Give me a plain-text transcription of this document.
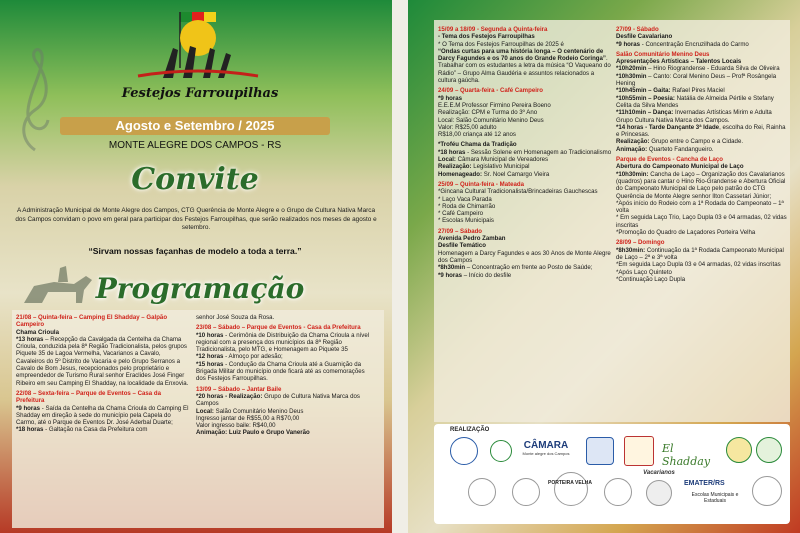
Festejos Farroupilhas
Agosto e Setembro / 2025
MONTE ALEGRE DOS CAMPOS - RS
Convite
A Administração Municipal de Monte Alegre dos Campos, CTG Querência de Monte Alegre e o Grupo de Cultura Nativa Marca dos Campos convidam o povo em geral para participar dos Festejos Farroupilhas, que serão realizados nos meses de agosto e setembro.
“Sirvam nossas façanhas de modelo a toda a terra.”
Programação
21/08 – Quinta-feira – Camping El Shadday – Galpão Campeiro
Chama Crioula
*13 horas – Recepção da Cavalgada da Centelha da Chama Crioula, conduzida pela 8ª Região Tradicionalista, pelos grupos Piquete 35 de Lagoa Vermelha, Vacarianos a Cavalo, Cavaleiros do 5º Distrito de Vacaria e pelo Grupo Serranos a Cavalo de Bom Jesus, recepcionados pelo proprietário e empreendedor de Turismo Rural senhor Eraclides José Finger Ribeiro em seu Camping El Shadday, na localidade da Enxovia.
22/08 – Sexta-feira – Parque de Eventos – Casa da Prefeitura
*9 horas - Saída da Centelha da Chama Crioula do Camping El Shadday em direção à sede do município pela Capela do Carmo, até o Parque de Eventos Dr. José Aderbal Duarte;
*18 horas - Galtação na Casa da Prefeitura com
senhor José Souza da Rosa.
23/08 – Sábado – Parque de Eventos - Casa da Prefeitura
*10 horas - Cerimônia de Distribuição da Chama Crioula a nível regional com a presença dos municípios da 8ª Região Tradicionalista, pelo MTG, e Homenagem ao Piquete 35
*12 horas - Almoço por adesão;
*15 horas - Condução da Chama Crioula até a Guarnição da Brigada Militar do município onde ficará até as comemorações dos Festejos Farroupilhas.
13/09 – Sábado – Jantar Baile
*20 horas - Realização: Grupo de Cultura Nativa Marca dos Campos
Local: Salão Comunitário Menino Deus
Ingresso jantar de R$55,00 a R$70,00
Valor ingresso baile: R$40,00
Animação: Luiz Paulo e Grupo Vanerão
15/09 a 18/09 - Segunda a Quinta-feira
- Tema dos Festejos Farroupilhas
* O Tema dos Festejos Farroupilhas de 2025 é
“Ondas curtas para uma história longa – O centenário de Darcy Fagundes e os 70 anos do Grande Rodeio Coringa”. Trabalhar com os estudantes a letra da música “O Vaqueano do Rádio” – Grupo Alma Gaudéria e assuntos relacionados a cultura gaúcha.
24/09 – Quarta-feira - Café Campeiro
*9 horas
E.E.E.M Professor Firmino Pereira Boeno
Realização: CPM e Turma do 3º Ano
Local: Salão Comunitário Menino Deus
Valor: R$25,00 adulto
R$18,00 criança até 12 anos
*Troféu Chama da Tradição
*18 horas - Sessão Solene em Homenagem ao Tradicionalismo
Local: Câmara Municipal de Vereadores
Realização: Legislativo Municipal
Homenageado: Sr. Noel Camargo Vieira
25/09 – Quinta-feira - Mateada
*Gincana Cultural Tradicionalista/Brincadeiras Gauchescas
* Laço Vaca Parada
* Roda de Chimarrão
* Café Campeiro
* Escolas Municipais
27/09 – Sábado
Avenida Pedro Zamban
Desfile Temático
Homenagem a Darcy Fagundes e aos 30 Anos de Monte Alegre dos Campos
*8h30min – Concentração em frente ao Posto de Saúde;
*9 horas – Início do desfile
27/09 - Sábado
Desfile Cavalariano
*9 horas - Concentração Encruzilhada do Carmo
Salão Comunitário Menino Deus
Apresentações Artísticas – Talentos Locais
*10h20min – Hino Riograndense - Eduarda Silva de Oliveira
*10h30min – Canto: Coral Menino Deus – Profª Rosângela Hening
*10h45min – Gaita: Rafael Pires Maciel
*10h55min – Poesia: Natália de Almeida Pértile e Stefany Celita da Silva Mendes
*11h10min – Dança: Invernadas Artísticas Mirim e Adulta Grupo Cultura Nativa Marca dos Campos.
*14 horas - Tarde Dançante 3ª Idade, escolha do Rei, Rainha e Princesas.
Realização: Grupo entre o Campo e a Cidade.
Animação: Quarteto Fandangueiro.
Parque de Eventos - Cancha de Laço
Abertura do Campeonato Municipal de Laço
*10h30min: Cancha de Laço – Organização dos Cavalarianos (quadros) para cantar o Hino Rio-Grandense e Abertura Oficial do Campeonato Municipal de Laço pelo patrão do CTG Querência de Monte Alegre senhor Ilton Cassetari Júnior;
*Após início do Rodeio com a 1ª Rodada do Campeonato – 1ª volta
* Em seguida Laço Trio, Laço Dupla 03 e 04 armadas, 02 vidas inscritas
*Promoção do Quadro de Laçadores Porteira Velha
28/09 – Domingo
*8h30min: Continuação da 1ª Rodada Campeonato Municipal de Laço – 2ª e 3ª volta
*Em seguida Laço Dupla 03 e 04 armadas, 02 vidas inscritas
*Após Laço Quinteto
*Continuação Laço Dupla
REALIZAÇÃO
CÂMARA
Monte alegre dos Campos	El Shadday
PORTEIRA VELHA
Vacarianos
EMATER/RS
Escolas Municipais e Estaduais
